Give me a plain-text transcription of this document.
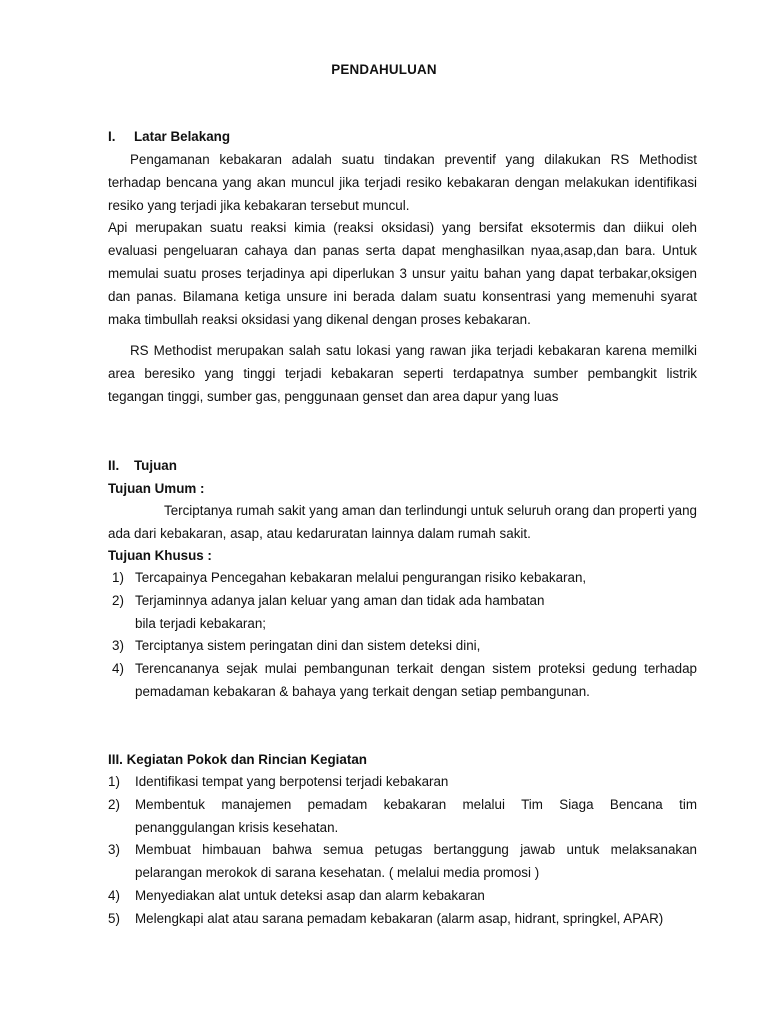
PENDAHULUAN
I. Latar Belakang

Pengamanan kebakaran adalah suatu tindakan preventif yang dilakukan RS Methodist terhadap bencana yang akan muncul jika terjadi resiko kebakaran dengan melakukan identifikasi resiko yang terjadi jika kebakaran tersebut muncul.

Api merupakan suatu reaksi kimia (reaksi oksidasi) yang bersifat eksotermis dan diikui oleh evaluasi pengeluaran cahaya dan panas serta dapat menghasilkan nyaa,asap,dan bara. Untuk memulai suatu proses terjadinya api diperlukan 3 unsur yaitu bahan yang dapat terbakar,oksigen dan panas. Bilamana ketiga unsure ini berada dalam suatu konsentrasi yang memenuhi syarat maka timbullah reaksi oksidasi yang dikenal dengan proses kebakaran.

RS Methodist merupakan salah satu lokasi yang rawan jika terjadi kebakaran karena memilki area beresiko yang tinggi terjadi kebakaran seperti terdapatnya sumber pembangkit listrik tegangan tinggi, sumber gas, penggunaan genset dan area dapur yang luas

II. Tujuan
Tujuan Umum :

Terciptanya rumah sakit yang aman dan terlindungi untuk seluruh orang dan properti yang ada dari kebakaran, asap, atau kedaruratan lainnya dalam rumah sakit.

Tujuan Khusus :
1) Tercapainya Pencegahan kebakaran melalui pengurangan risiko kebakaran,
2) Terjaminnya adanya jalan keluar yang aman dan tidak ada hambatan
bila terjadi kebakaran;
3) Terciptanya sistem peringatan dini dan sistem deteksi dini,
4) Terencananya sejak mulai pembangunan terkait dengan sistem proteksi gedung terhadap pemadaman kebakaran & bahaya yang terkait dengan setiap pembangunan.
III. Kegiatan Pokok dan Rincian Kegiatan
1) Identifikasi tempat yang berpotensi terjadi kebakaran
2) Membentuk manajemen pemadam kebakaran melalui Tim Siaga Bencana tim penanggulangan krisis kesehatan.
3) Membuat himbauan bahwa semua petugas bertanggung jawab untuk melaksanakan pelarangan merokok di sarana kesehatan. ( melalui media promosi )
4) Menyediakan alat untuk deteksi asap dan alarm kebakaran
5) Melengkapi alat atau sarana pemadam kebakaran (alarm asap, hidrant, springkel, APAR)
